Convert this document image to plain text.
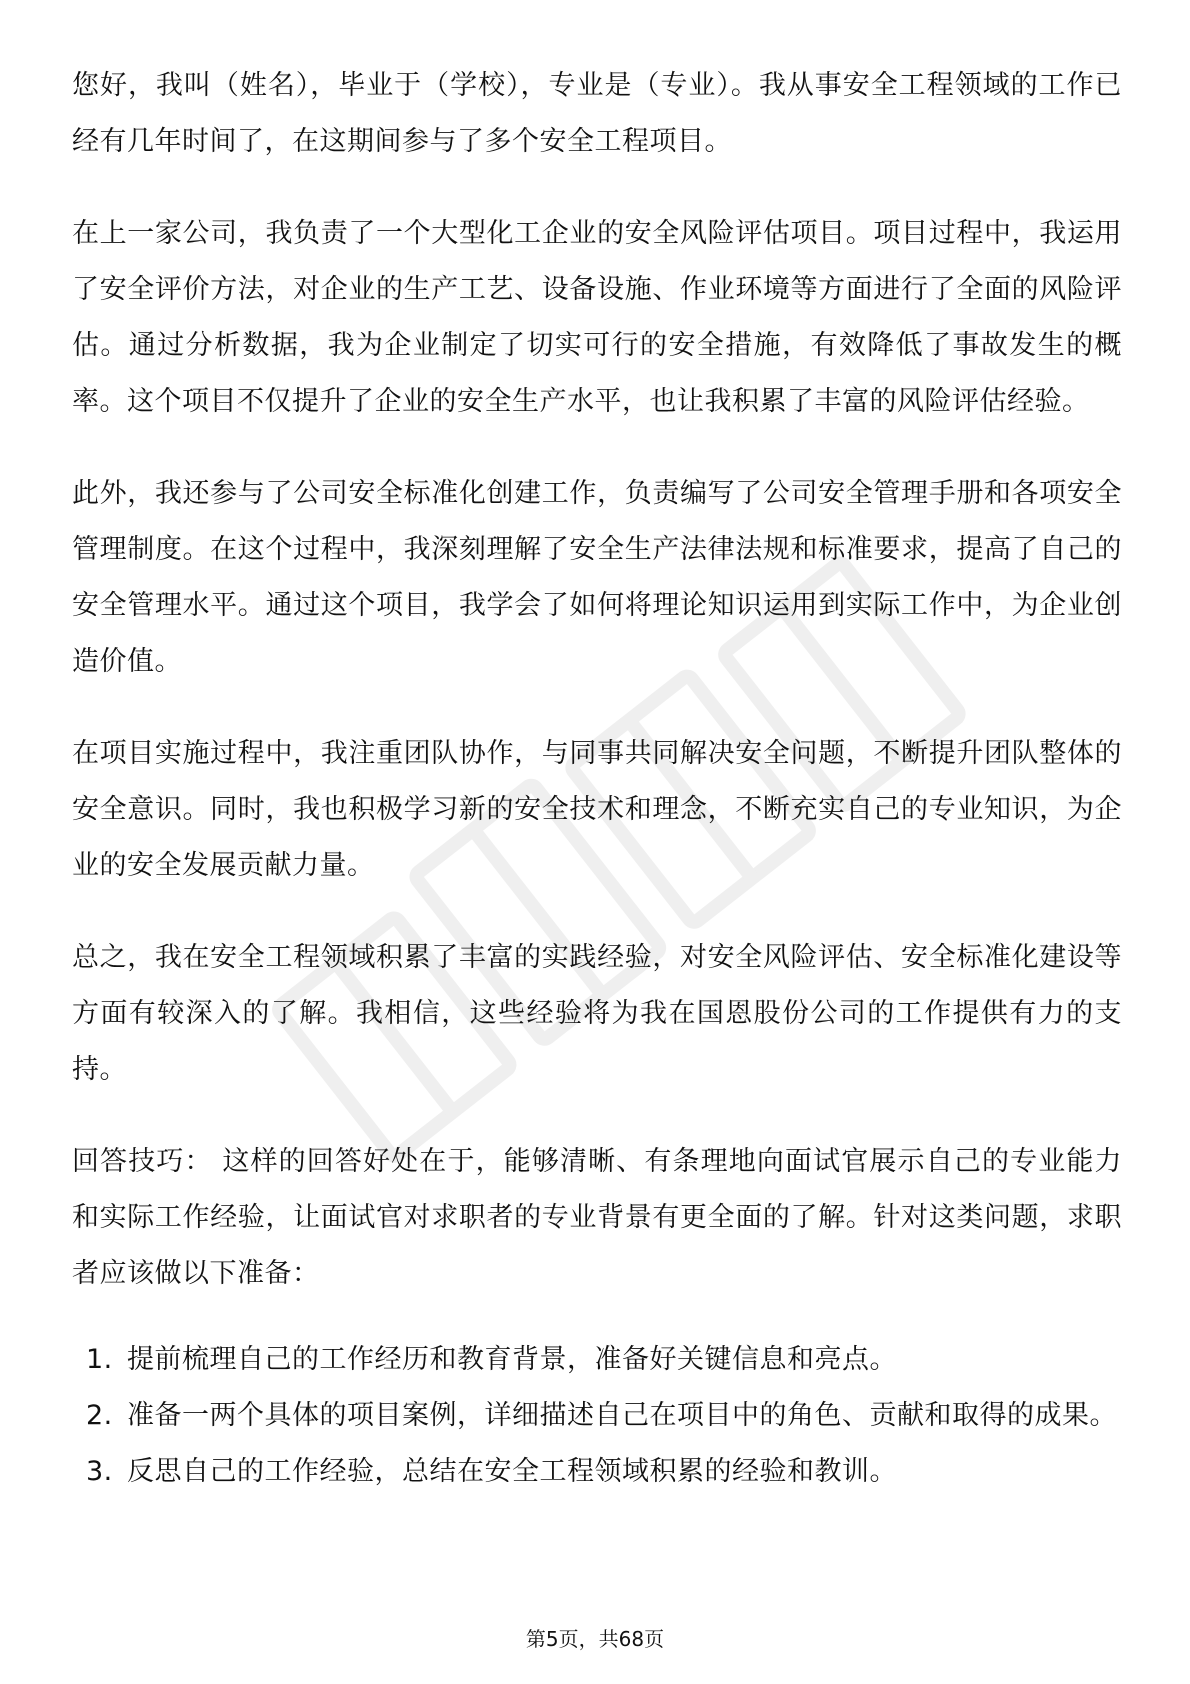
您好，我叫（姓名），毕业于（学校），专业是（专业）。我从事安全工程领域的工作已经有几年时间了，在这期间参与了多个安全工程项目。

在上一家公司，我负责了一个大型化工企业的安全风险评估项目。项目过程中，我运用了安全评价方法，对企业的生产工艺、设备设施、作业环境等方面进行了全面的风险评估。通过分析数据，我为企业制定了切实可行的安全措施，有效降低了事故发生的概率。这个项目不仅提升了企业的安全生产水平，也让我积累了丰富的风险评估经验。

此外，我还参与了公司安全标准化创建工作，负责编写了公司安全管理手册和各项安全管理制度。在这个过程中，我深刻理解了安全生产法律法规和标准要求，提高了自己的安全管理水平。通过这个项目，我学会了如何将理论知识运用到实际工作中，为企业创造价值。

在项目实施过程中，我注重团队协作，与同事共同解决安全问题，不断提升团队整体的安全意识。同时，我也积极学习新的安全技术和理念，不断充实自己的专业知识，为企业的安全发展贡献力量。

总之，我在安全工程领域积累了丰富的实践经验，对安全风险评估、安全标准化建设等方面有较深入的了解。我相信，这些经验将为我在国恩股份公司的工作提供有力的支持。

回答技巧： 这样的回答好处在于，能够清晰、有条理地向面试官展示自己的专业能力和实际工作经验，让面试官对求职者的专业背景有更全面的了解。针对这类问题，求职者应该做以下准备：

1. 提前梳理自己的工作经历和教育背景，准备好关键信息和亮点。
2. 准备一两个具体的项目案例，详细描述自己在项目中的角色、贡献和取得的成果。
3. 反思自己的工作经验，总结在安全工程领域积累的经验和教训。
第5页，共68页
